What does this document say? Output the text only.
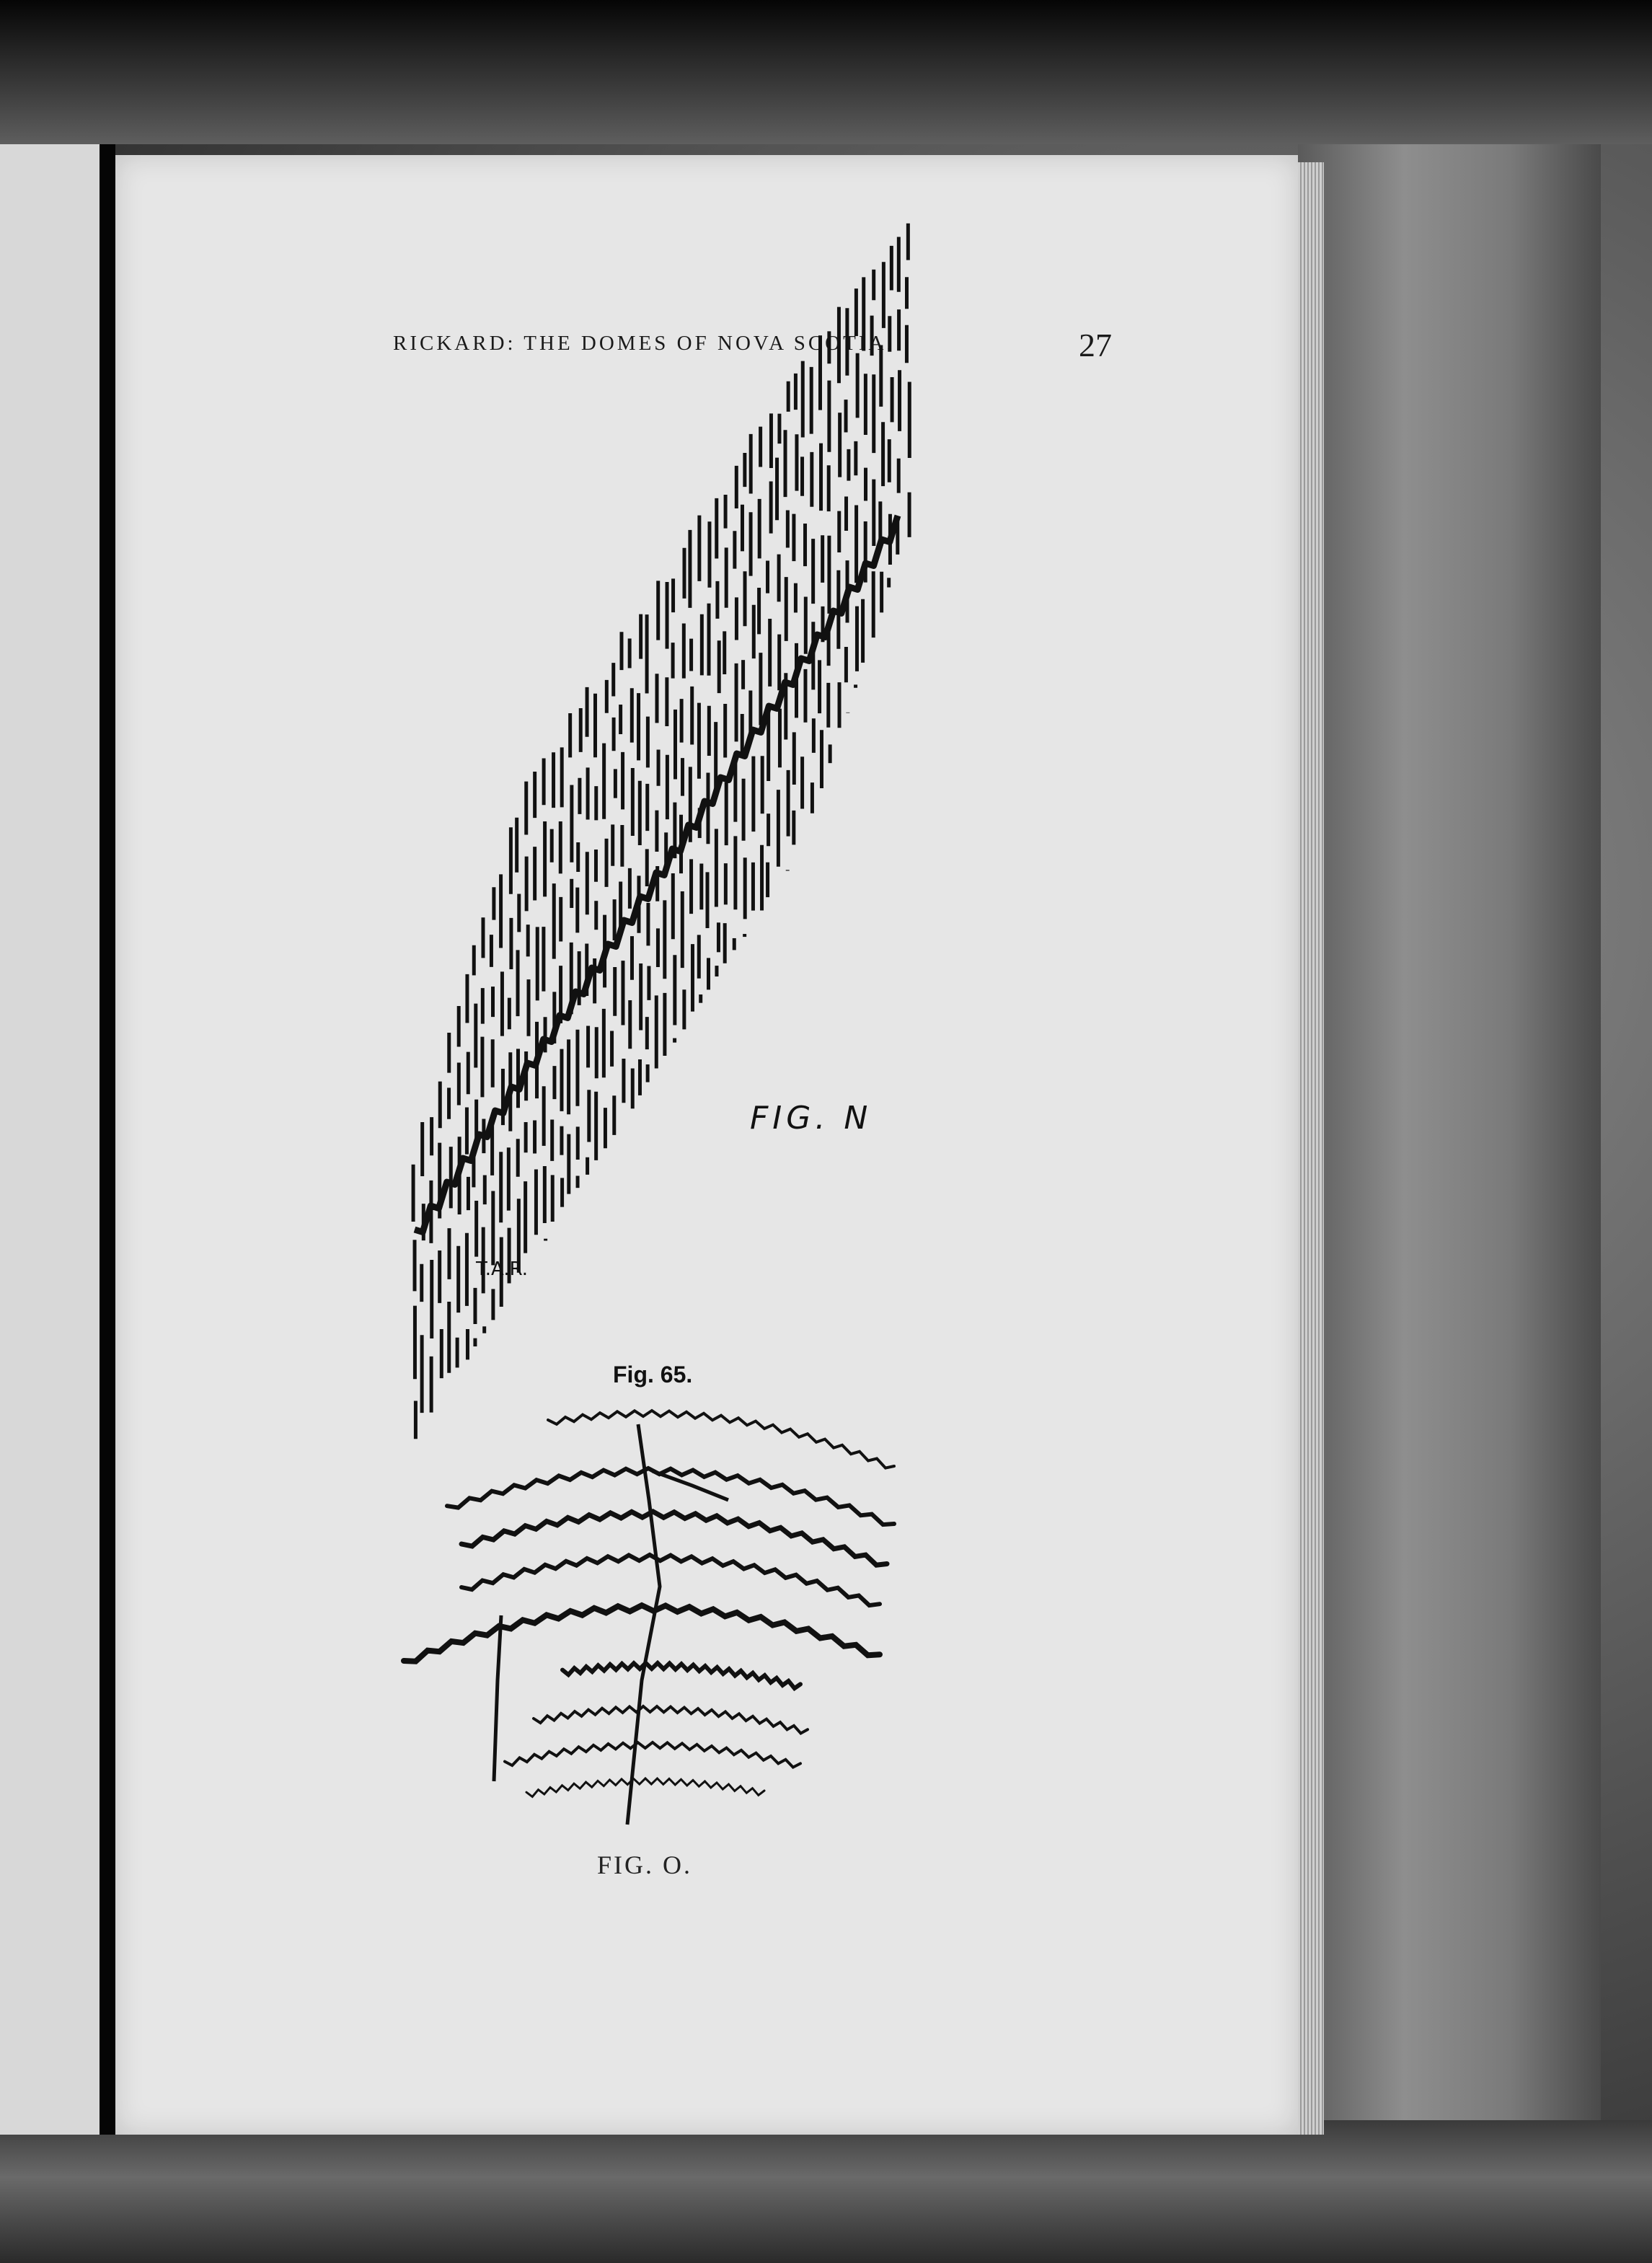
RICKARD: THE DOMES OF NOVA SCOTIA.	27
FIG. N
T.A.R.
Fig. 65.
FIG. O.
